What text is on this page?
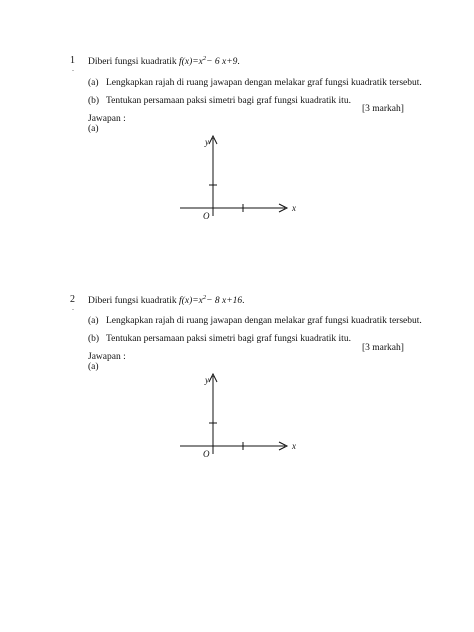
1
.
Diberi fungsi kuadratik $f(x)=x^2- 6$ x+9.
(a) Lengkapkan rajah di ruang jawapan dengan melakar graf fungsi kuadratik tersebut.
(b) Tentukan persamaan paksi simetri bagi graf fungsi kuadratik itu.
[3 markah]
Jawapan :
(a)
y
x
O
2
.
Diberi fungsi kuadratik $f(x)=x^2- 8$ x+16.
(a) Lengkapkan rajah di ruang jawapan dengan melakar graf fungsi kuadratik tersebut.
(b) Tentukan persamaan paksi simetri bagi graf fungsi kuadratik itu.
[3 markah]
Jawapan :
(a)
y
x
O
